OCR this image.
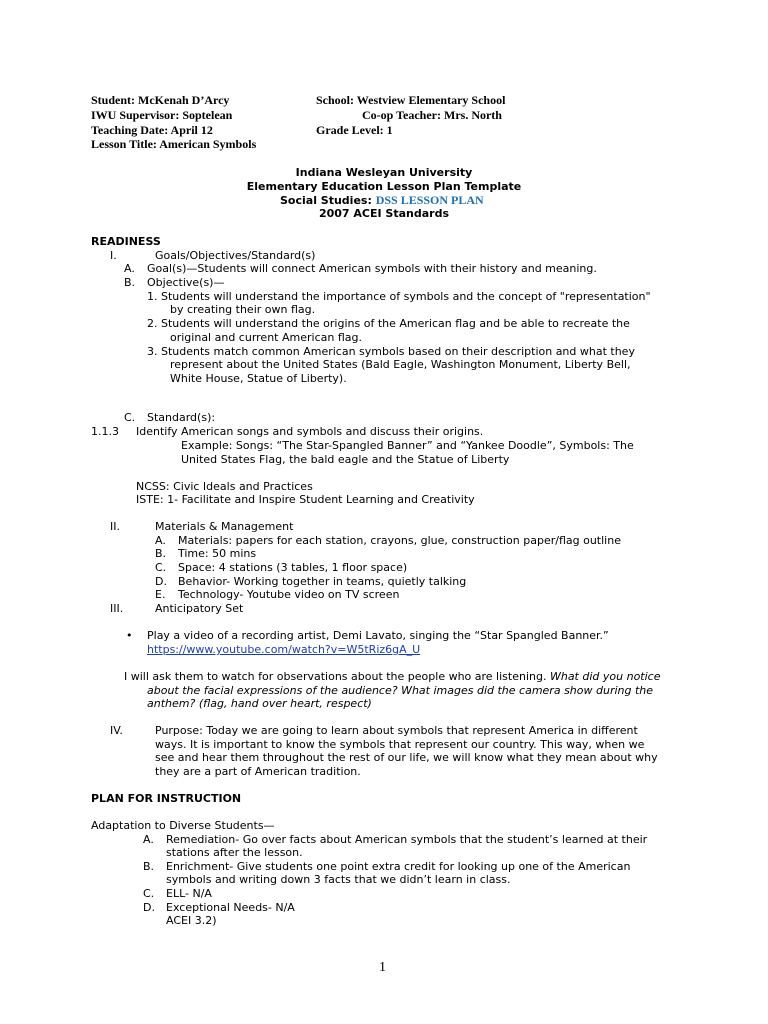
Student: McKenah D’Arcy	School: Westview Elementary School
IWU Supervisor: Soptelean	Co-op Teacher: Mrs. North
Teaching Date: April 12	Grade Level: 1
Lesson Title: American Symbols
Indiana Wesleyan University
Elementary Education Lesson Plan Template
Social Studies: DSS LESSON PLAN
2007 ACEI Standards
READINESS
I.	Goals/Objectives/Standard(s)
A. Goal(s)—Students will connect American symbols with their history and meaning.
B. Objective(s)—
1. Students will understand the importance of symbols and the concept of "representation"
by creating their own flag.
2. Students will understand the origins of the American flag and be able to recreate the
original and current American flag.
3. Students match common American symbols based on their description and what they
represent about the United States (Bald Eagle, Washington Monument, Liberty Bell,
White House, Statue of Liberty).
C. Standard(s):
1.1.3 Identify American songs and symbols and discuss their origins.
Example: Songs: “The Star-Spangled Banner” and “Yankee Doodle”, Symbols: The
United States Flag, the bald eagle and the Statue of Liberty
NCSS: Civic Ideals and Practices
ISTE: 1- Facilitate and Inspire Student Learning and Creativity
II.	Materials & Management
A. Materials: papers for each station, crayons, glue, construction paper/flag outline
B. Time: 50 mins
C. Space: 4 stations (3 tables, 1 floor space)
D. Behavior- Working together in teams, quietly talking
E. Technology- Youtube video on TV screen
III.	Anticipatory Set
• Play a video of a recording artist, Demi Lavato, singing the “Star Spangled Banner.”
https://www.youtube.com/watch?v=W5tRiz6gA_U
I will ask them to watch for observations about the people who are listening. What did you notice
about the facial expressions of the audience? What images did the camera show during the
anthem? (flag, hand over heart, respect)
IV.	Purpose: Today we are going to learn about symbols that represent America in different
ways. It is important to know the symbols that represent our country. This way, when we
see and hear them throughout the rest of our life, we will know what they mean about why
they are a part of American tradition.
PLAN FOR INSTRUCTION
Adaptation to Diverse Students—
A. Remediation- Go over facts about American symbols that the student’s learned at their
stations after the lesson.
B. Enrichment- Give students one point extra credit for looking up one of the American
symbols and writing down 3 facts that we didn’t learn in class.
C. ELL- N/A
D. Exceptional Needs- N/A
ACEI 3.2)
1
